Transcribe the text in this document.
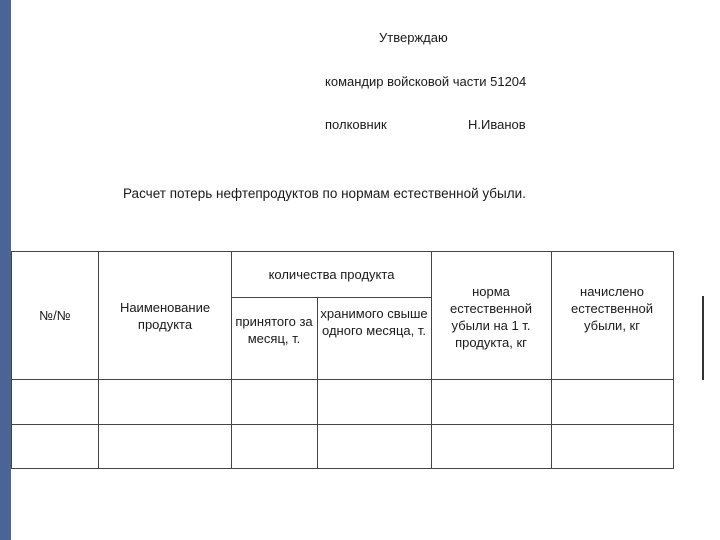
Утверждаю
командир войсковой части 51204
полковник	Н.Иванов
Расчет потерь нефтепродуктов по нормам естественной убыли.
№/№
Наименование продукта
количества продукта
принятого за месяц, т.
хранимого свыше одного месяца, т.
норма естественной убыли на 1 т. продукта, кг
начислено естественной убыли, кг
